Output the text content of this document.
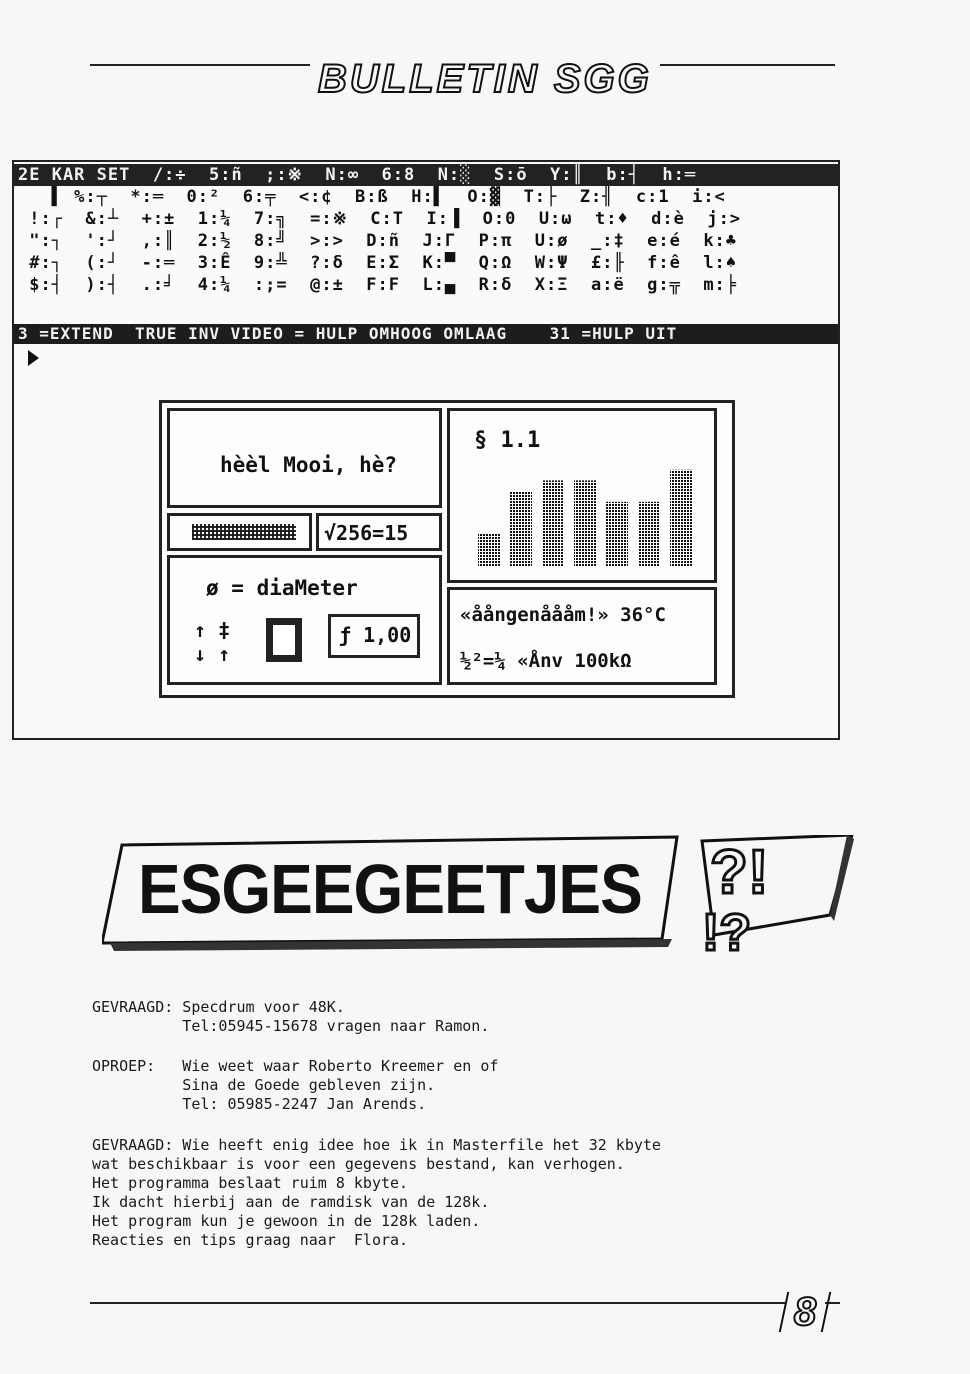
BULLETIN SGG
2E KAR SET  /:÷  5:ñ  ;:※  N:∞  6:8  N:░  S:ō  Y:║  b:┤  h:═
▌ %:┬  *:═  0:²  6:╤  <:¢  B:ß  H:▌  O:▓  T:├  Z:╢  c:1  i:<
!:┌  &:┴  +:±  1:¼  7:╗  =:※  C:T  I:▐  O:0  U:ω  t:♦  d:è  j:>
":┐  ':┘  ,:║  2:½  8:╝  >:>  D:ñ  J:Γ  P:π  U:ø  _:‡  e:é  k:♣
#:┐  (:┘  -:═  3:Ê  9:╩  ?:δ  E:Σ  K:▀  Q:Ω  W:Ψ  £:╟  f:ê  l:♠
$:┤  ):┤  .:╛  4:¼  :;=  @:±  F:F  L:▄  R:δ  X:Ξ  a:ë  g:╦  m:╞
3 =EXTEND  TRUE INV VIDEO = HULP OMHOOG OMLAAG    31 =HULP UIT
hèèl Mooi, hè?
§ 1.1
√256=15
ø = diaMeter
↑ ‡
↓ ↑
ƒ 1,00
«åångenåååm!» 36°C
½²=¼ «Ånv 100kΩ
?!
!?
ESGEEGEETJES
GEVRAAGD: Specdrum voor 48K.
Tel:05945-15678 vragen naar Ramon.
OPROEP:   Wie weet waar Roberto Kreemer en of
Sina de Goede gebleven zijn.
Tel: 05985-2247 Jan Arends.
GEVRAAGD: Wie heeft enig idee hoe ik in Masterfile het 32 kbyte
wat beschikbaar is voor een gegevens bestand, kan verhogen.
Het programma beslaat ruim 8 kbyte.
Ik dacht hierbij aan de ramdisk van de 128k.
Het program kun je gewoon in de 128k laden.
Reacties en tips graag naar  Flora.
8
